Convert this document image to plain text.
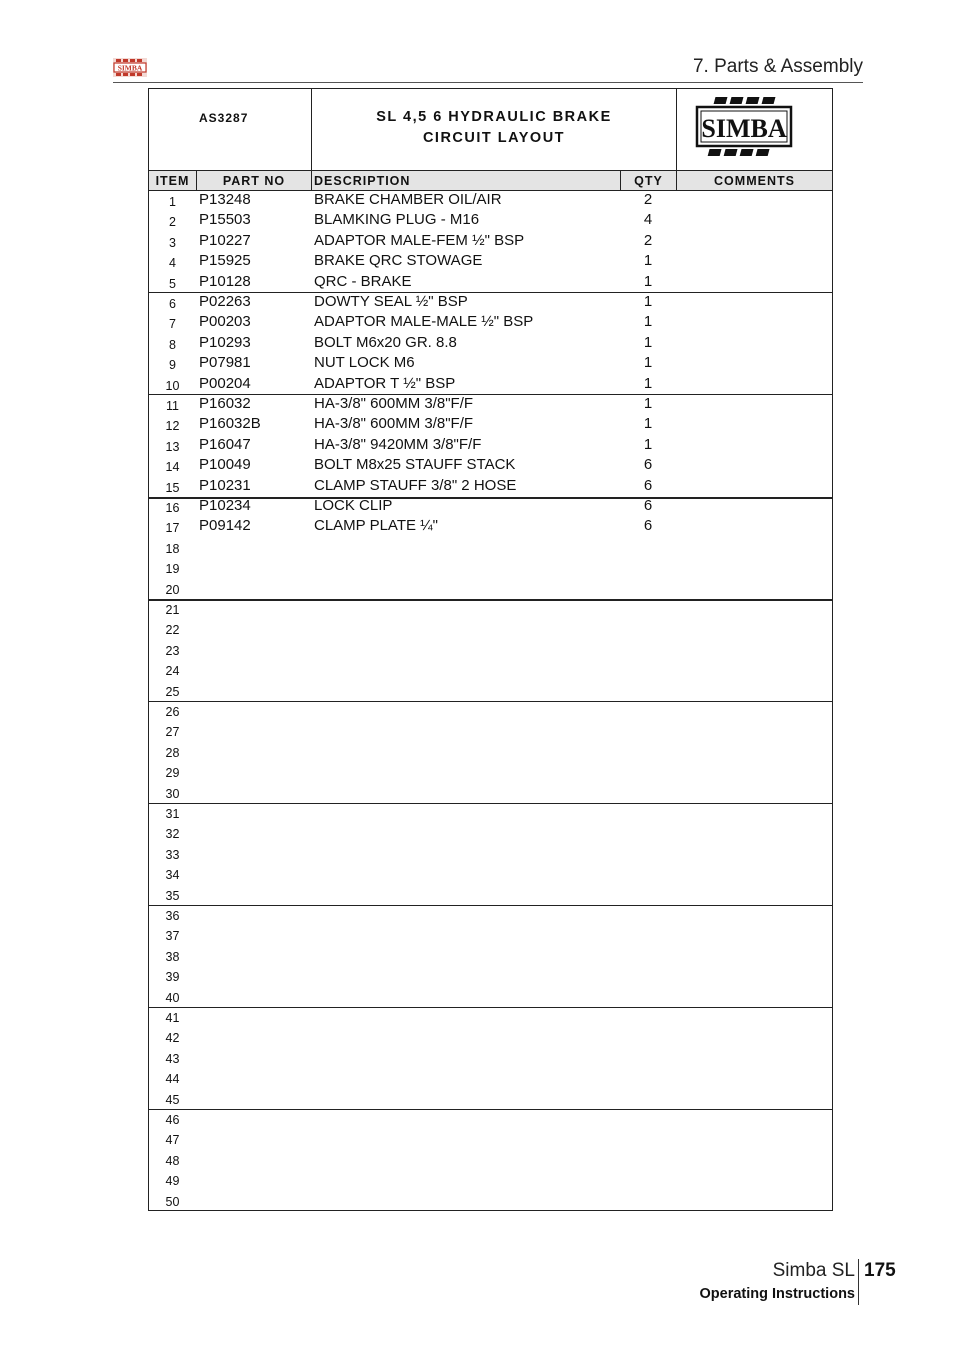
SIMBA	7. Parts & Assembly
AS3287	SL 4,5 6 HYDRAULIC BRAKE
CIRCUIT LAYOUT	SIMBA
ITEM	PART NO	DESCRIPTION	QTY	COMMENTS
1	P13248	BRAKE CHAMBER OIL/AIR	2
2	P15503	BLAMKING PLUG - M16	4
3	P10227	ADAPTOR MALE-FEM ½" BSP	2
4	P15925	BRAKE QRC STOWAGE	1
5	P10128	QRC - BRAKE	1
6	P02263	DOWTY SEAL ½" BSP	1
7	P00203	ADAPTOR MALE-MALE ½" BSP	1
8	P10293	BOLT M6x20 GR. 8.8	1
9	P07981	NUT LOCK M6	1
10	P00204	ADAPTOR T ½" BSP	1
11	P16032	HA-3/8" 600MM 3/8"F/F	1
12	P16032B	HA-3/8" 600MM 3/8"F/F	1
13	P16047	HA-3/8" 9420MM 3/8"F/F	1
14	P10049	BOLT M8x25 STAUFF STACK	6
15	P10231	CLAMP STAUFF 3/8" 2 HOSE	6
16	P10234	LOCK CLIP	6
17	P09142	CLAMP PLATE ¼"	6
18
19
20
21
22
23
24
25
26
27
28
29
30
31
32
33
34
35
36
37
38
39
40
41
42
43
44
45
46
47
48
49
50
Simba SL 175
Operating Instructions
